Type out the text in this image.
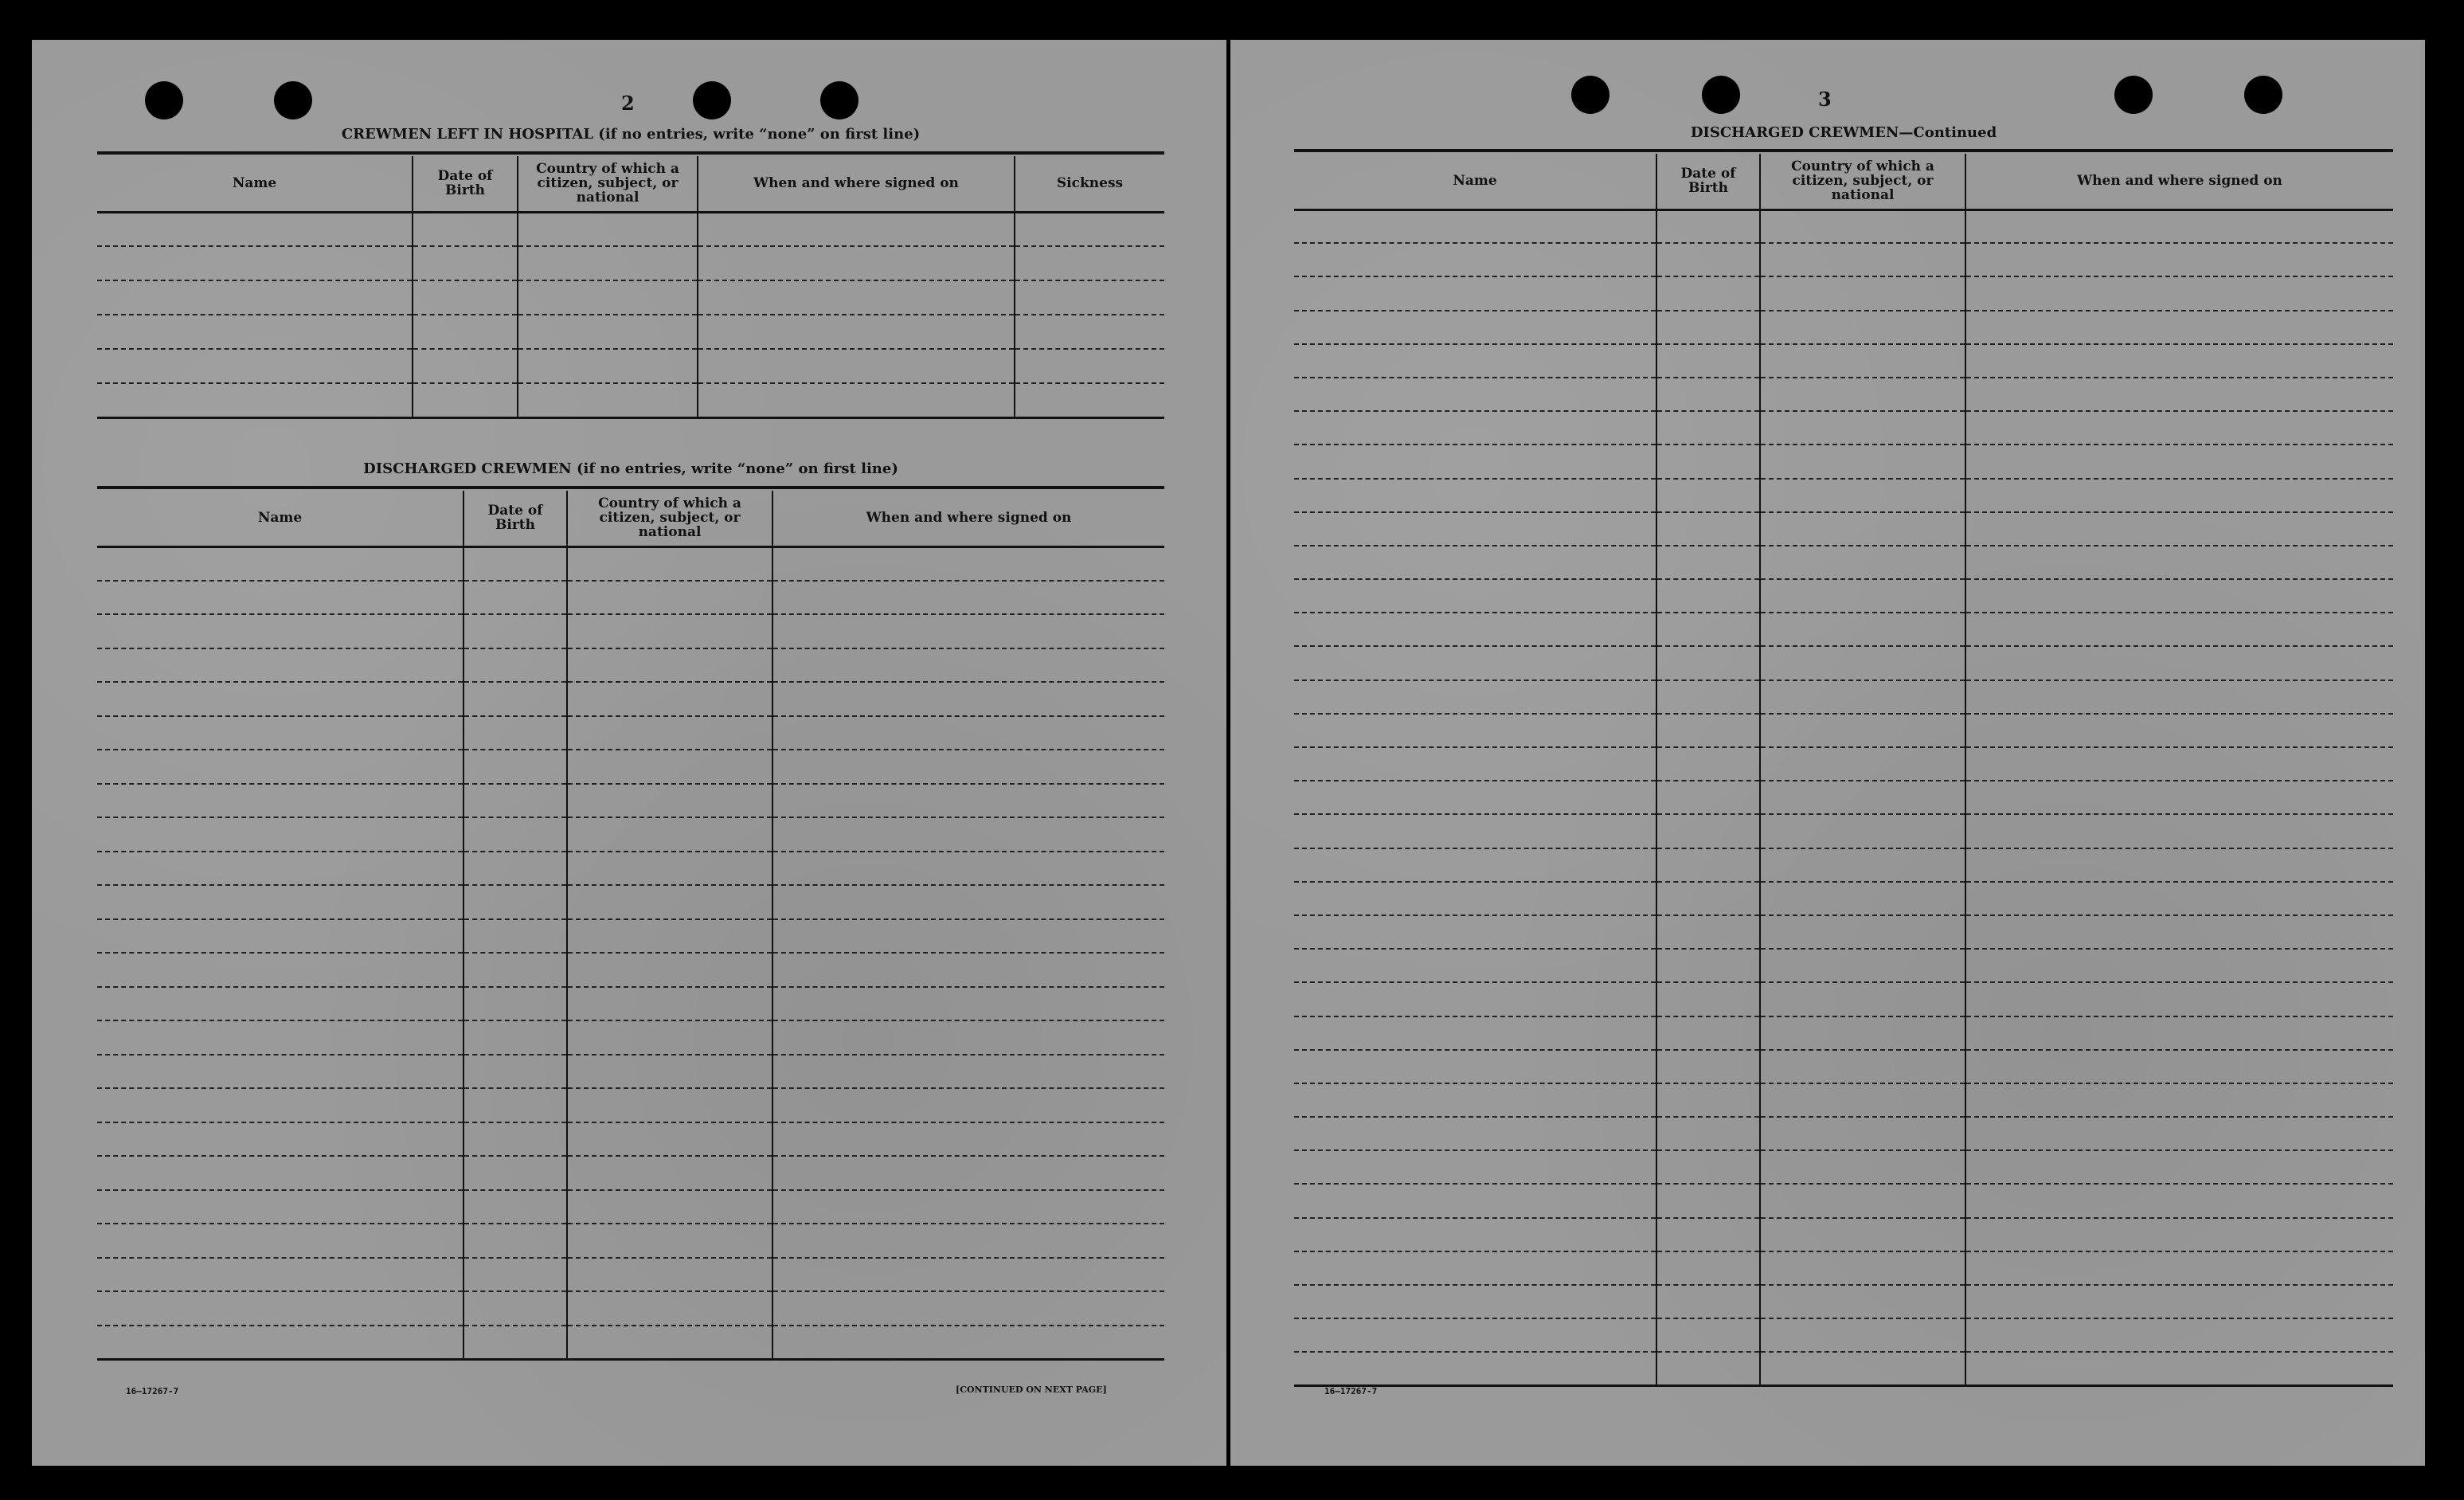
2
CREWMEN LEFT IN HOSPITAL (if no entries, write “none” on first line)
Name	Date of Birth	Country of which a citizen, subject, or national	When and where signed on	Sickness

DISCHARGED CREWMEN (if no entries, write “none” on first line)
Name	Date of Birth	Country of which a citizen, subject, or national	When and where signed on

16—17267-7	[CONTINUED ON NEXT PAGE]
3
DISCHARGED CREWMEN—Continued
Name	Date of Birth	Country of which a citizen, subject, or national	When and where signed on

16—17267-7
